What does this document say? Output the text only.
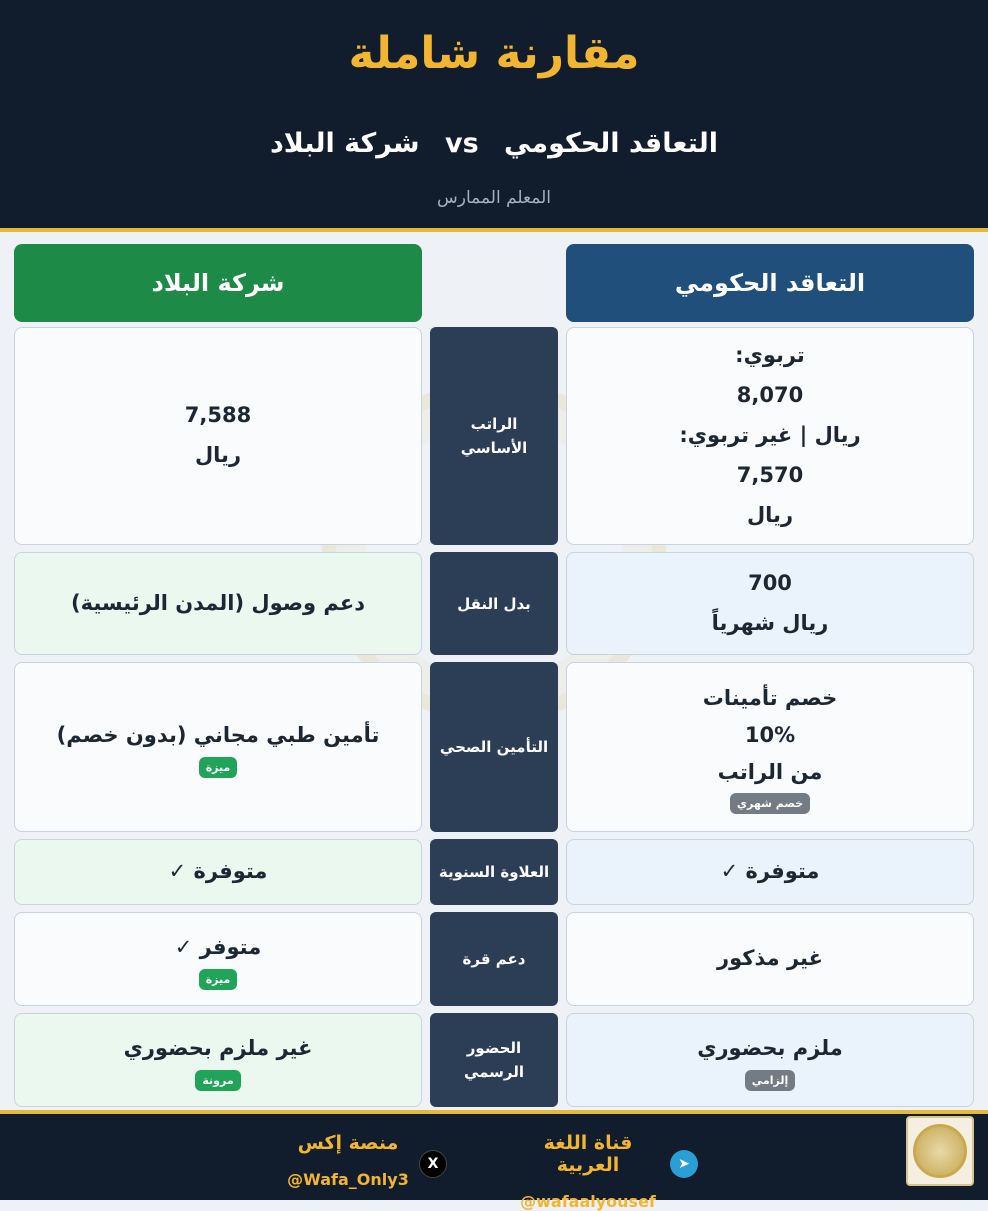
مقارنة شاملة
شركة البلاد vs التعاقد الحكومي
المعلم الممارس
التعاقد الحكومي
شركة البلاد
تربوي:
8,070
ريال | غير تربوي:
7,570
ريال
الراتب الأساسي
7,588
ريال
700
ريال شهرياً
بدل النقل
دعم وصول (المدن الرئيسية)
خصم تأمينات
10%
من الراتب
خصم شهري
التأمين الصحي
تأمين طبي مجاني (بدون خصم)
ميزة
متوفرة ✓
العلاوة السنوية
متوفرة ✓
غير مذكور
دعم قرة
متوفر ✓
ميزة
ملزم بحضوري
إلزامي
الحضور الرسمي
غير ملزم بحضوري
مرونة
قناة اللغة العربية
@wafaalyousef
➤
منصة إكس
@Wafa_Only3
X
